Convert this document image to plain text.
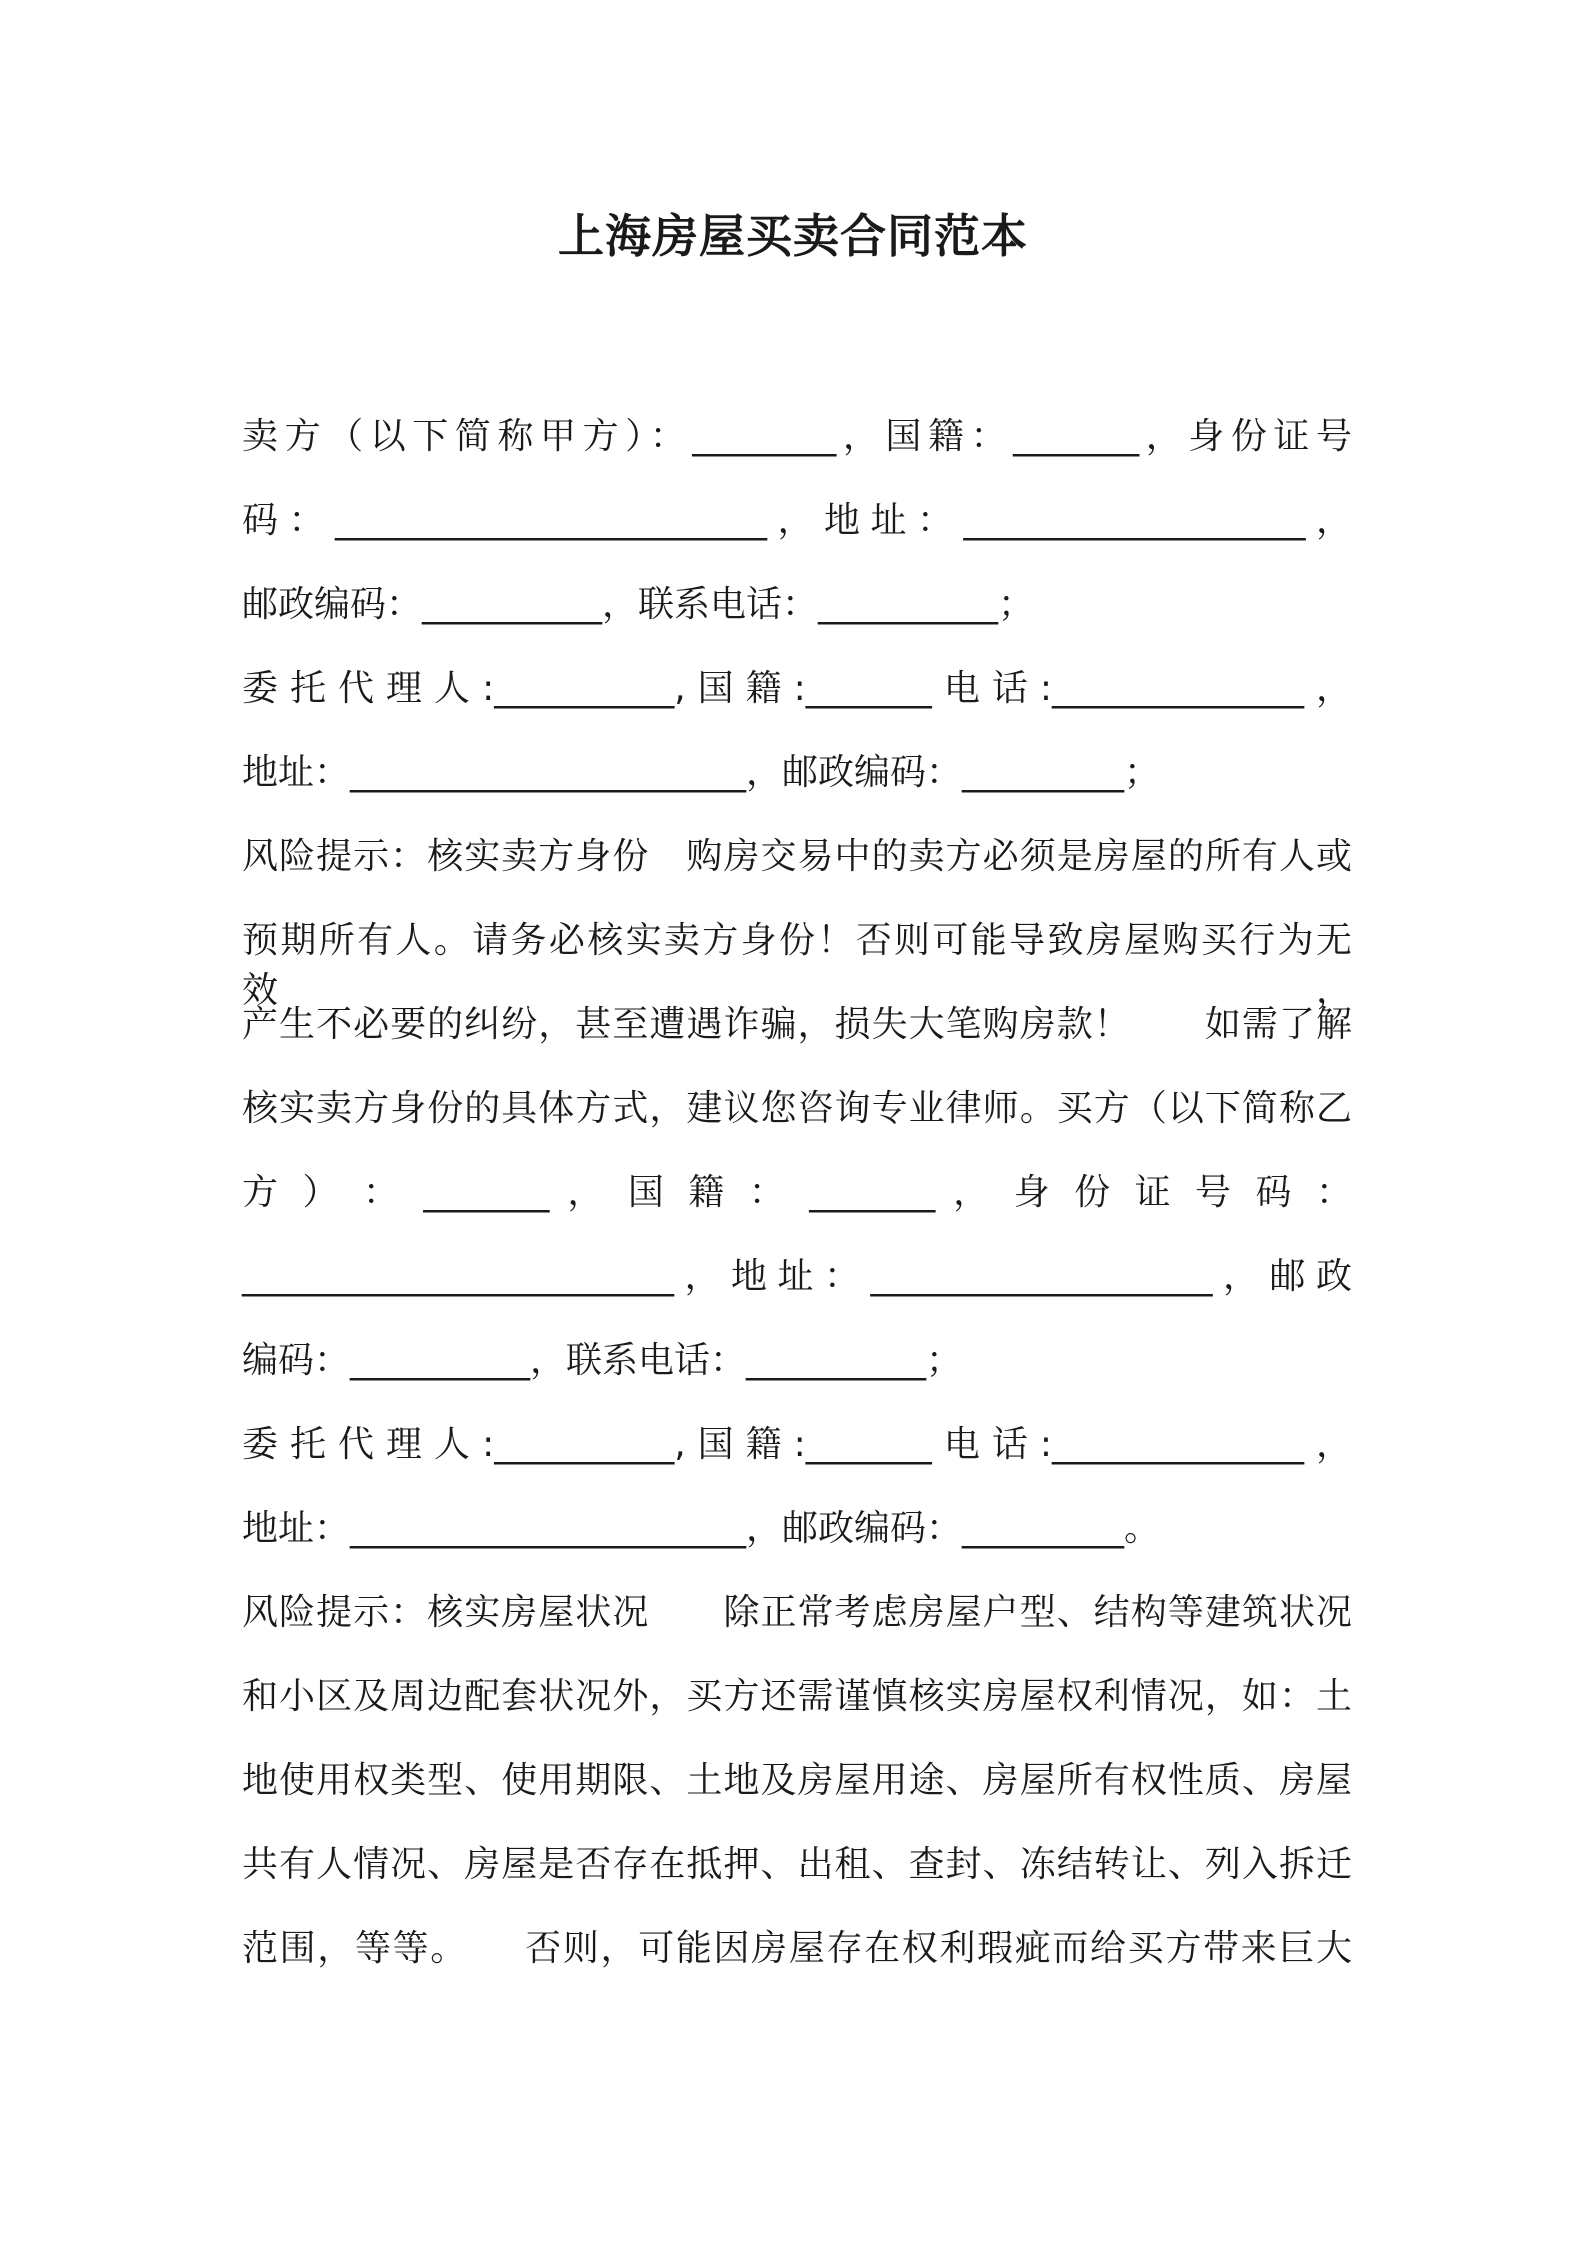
上海房屋买卖合同范本
卖方（以下简称甲方）：________，国籍：_______，身份证号
码：________________________，地址：___________________，
邮政编码：__________，联系电话：__________；
委托代理人:__________,国籍:_______电话:______________，
地址：______________________，邮政编码：_________；
风险提示：核实卖方身份　购房交易中的卖方必须是房屋的所有人或
预期所有人。请务必核实卖方身份！否则可能导致房屋购买行为无效，
产生不必要的纠纷，甚至遭遇诈骗，损失大笔购房款！　　如需了解
核实卖方身份的具体方式，建议您咨询专业律师。买方（以下简称乙
方 ） ： _______ ， 国 籍 ： _______ ， 身 份 证 号 码 ：
________________________，地址：___________________，邮政
编码：__________，联系电话：__________；
委托代理人:__________,国籍:_______电话:______________，
地址：______________________，邮政编码：_________。
风险提示：核实房屋状况　　除正常考虑房屋户型、结构等建筑状况
和小区及周边配套状况外，买方还需谨慎核实房屋权利情况，如：土
地使用权类型、使用期限、土地及房屋用途、房屋所有权性质、房屋
共有人情况、房屋是否存在抵押、出租、查封、冻结转让、列入拆迁
范围，等等。　　否则，可能因房屋存在权利瑕疵而给买方带来巨大
